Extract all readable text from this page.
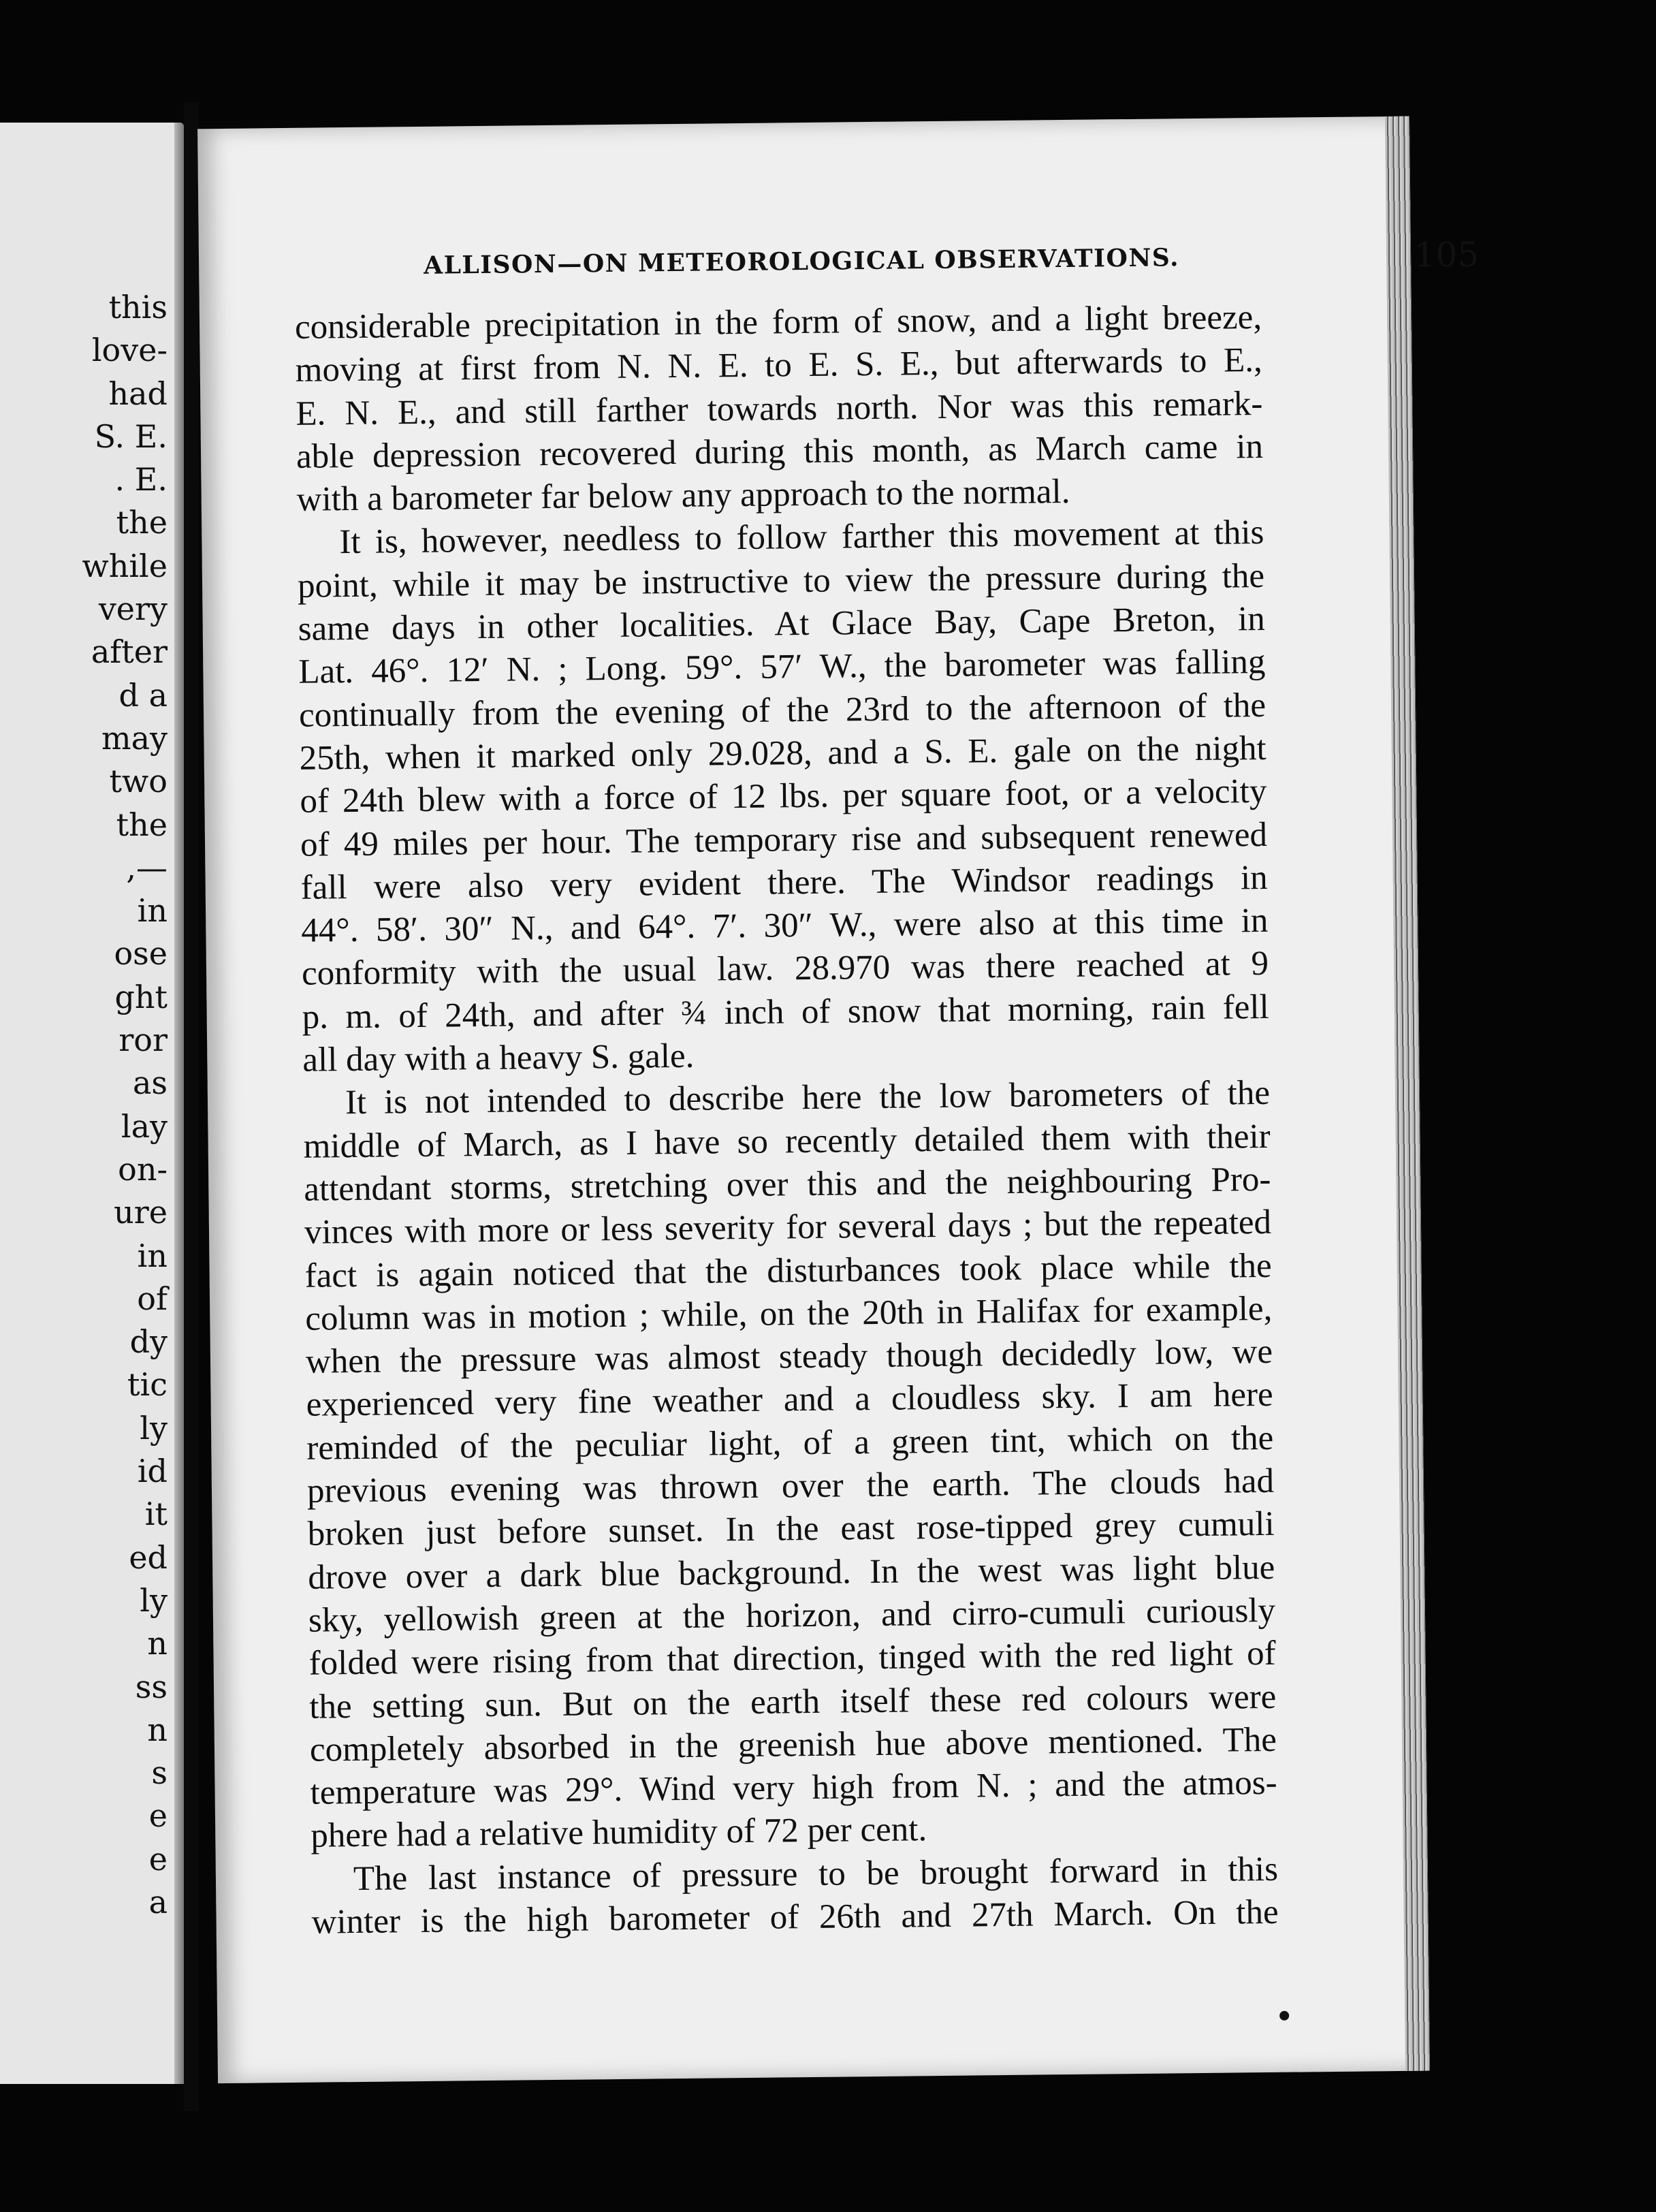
this
love-
had
S. E.
. E.
the
while
very
after
d a
may
two
the
,—
in
ose
ght
ror
as
lay
on-
ure
in
of
dy
tic
ly
id
it
ed
ly
n
ss
n
s
e
e
a
ALLISON—ON METEOROLOGICAL OBSERVATIONS.	105
considerable precipitation in the form of snow, and a light breeze,
moving at first from N. N. E. to E. S. E., but afterwards to E.,
E. N. E., and still farther towards north. Nor was this remark-
able depression recovered during this month, as March came in
with a barometer far below any approach to the normal.
It is, however, needless to follow farther this movement at this
point, while it may be instructive to view the pressure during the
same days in other localities. At Glace Bay, Cape Breton, in
Lat. 46°. 12′ N. ; Long. 59°. 57′ W., the barometer was falling
continually from the evening of the 23rd to the afternoon of the
25th, when it marked only 29.028, and a S. E. gale on the night
of 24th blew with a force of 12 lbs. per square foot, or a velocity
of 49 miles per hour. The temporary rise and subsequent renewed
fall were also very evident there. The Windsor readings in
44°. 58′. 30″ N., and 64°. 7′. 30″ W., were also at this time in
conformity with the usual law. 28.970 was there reached at 9
p. m. of 24th, and after ¾ inch of snow that morning, rain fell
all day with a heavy S. gale.
It is not intended to describe here the low barometers of the
middle of March, as I have so recently detailed them with their
attendant storms, stretching over this and the neighbouring Pro-
vinces with more or less severity for several days ; but the repeated
fact is again noticed that the disturbances took place while the
column was in motion ; while, on the 20th in Halifax for example,
when the pressure was almost steady though decidedly low, we
experienced very fine weather and a cloudless sky. I am here
reminded of the peculiar light, of a green tint, which on the
previous evening was thrown over the earth. The clouds had
broken just before sunset. In the east rose-tipped grey cumuli
drove over a dark blue background. In the west was light blue
sky, yellowish green at the horizon, and cirro-cumuli curiously
folded were rising from that direction, tinged with the red light of
the setting sun. But on the earth itself these red colours were
completely absorbed in the greenish hue above mentioned. The
temperature was 29°. Wind very high from N. ; and the atmos-
phere had a relative humidity of 72 per cent.
The last instance of pressure to be brought forward in this
winter is the high barometer of 26th and 27th March. On the
